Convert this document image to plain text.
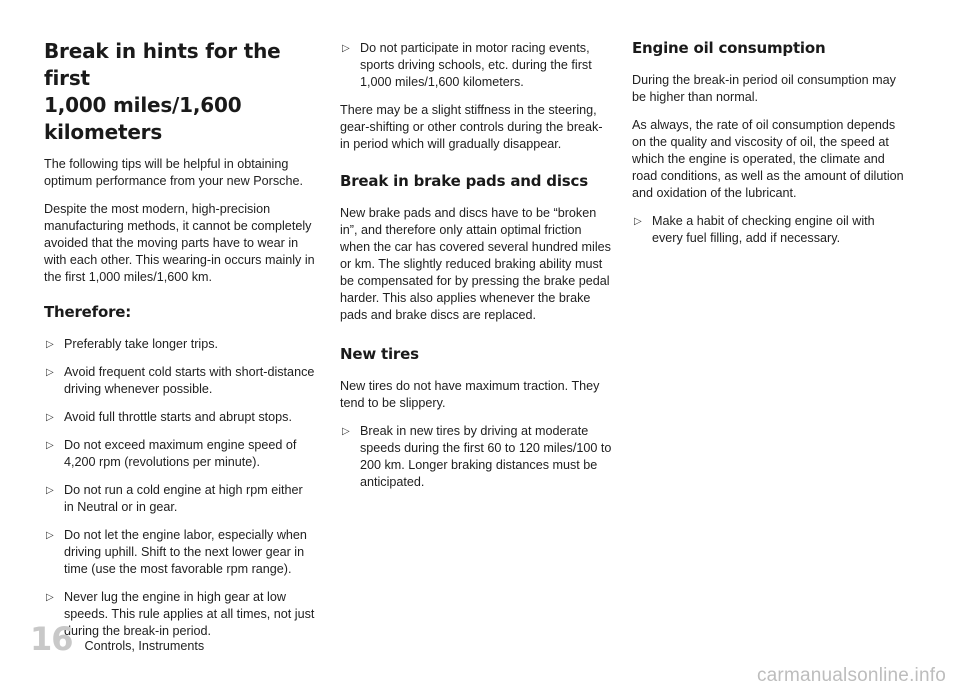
Break in hints for the first
1,000 miles/1,600 kilometers

The following tips will be helpful in obtaining optimum performance from your new Porsche.

Despite the most modern, high-precision manufacturing methods, it cannot be completely avoided that the moving parts have to wear in with each other. This wearing-in occurs mainly in the first 1,000 miles/1,600 km.

Therefore:
▷ Preferably take longer trips.
▷ Avoid frequent cold starts with short-distance driving whenever possible.
▷ Avoid full throttle starts and abrupt stops.
▷ Do not exceed maximum engine speed of 4,200 rpm (revolutions per minute).
▷ Do not run a cold engine at high rpm either in Neutral or in gear.
▷ Do not let the engine labor, especially when driving uphill. Shift to the next lower gear in time (use the most favorable rpm range).
▷ Never lug the engine in high gear at low speeds. This rule applies at all times, not just during the break-in period.
▷ Do not participate in motor racing events, sports driving schools, etc. during the first 1,000 miles/1,600 kilometers.

There may be a slight stiffness in the steering, gear-shifting or other controls during the break-in period which will gradually disappear.

Break in brake pads and discs

New brake pads and discs have to be “broken in”, and therefore only attain optimal friction when the car has covered several hundred miles or km. The slightly reduced braking ability must be compensated for by pressing the brake pedal harder. This also applies whenever the brake pads and brake discs are replaced.

New tires

New tires do not have maximum traction. They tend to be slippery.

▷ Break in new tires by driving at moderate speeds during the first 60 to 120 miles/100 to 200 km. Longer braking distances must be anticipated.
Engine oil consumption

During the break-in period oil consumption may be higher than normal.

As always, the rate of oil consumption depends on the quality and viscosity of oil, the speed at which the engine is operated, the climate and road conditions, as well as the amount of dilution and oxidation of the lubricant.

▷ Make a habit of checking engine oil with every fuel filling, add if necessary.
16 Controls, Instruments
carmanualsonline.info
